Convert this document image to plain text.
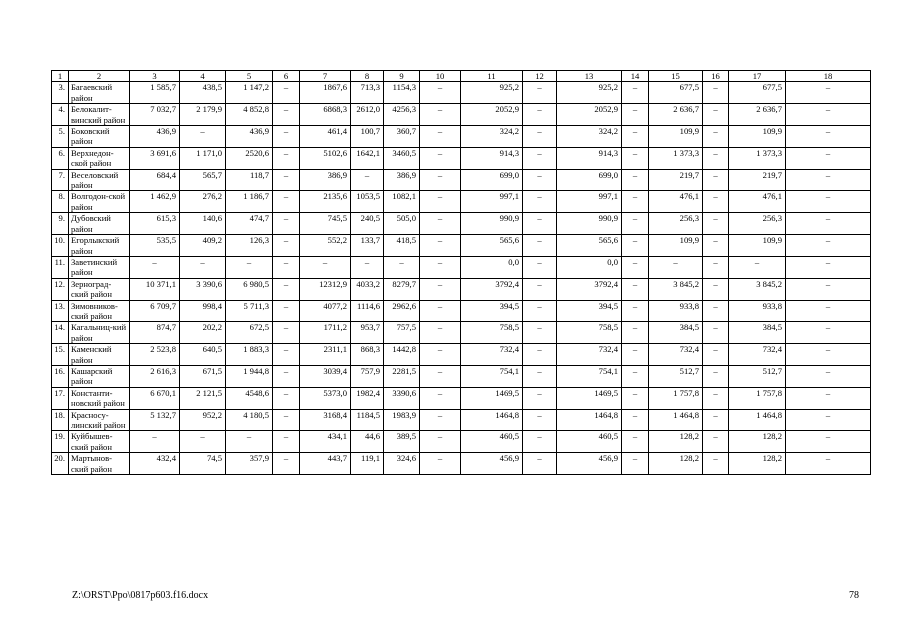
1	2	3	4	5	6	7	8	9	10	11	12	13	14	15	16	17	18
3.	Багаевский район	1 585,7	438,5	1 147,2	–	1867,6	713,3	1154,3	–	925,2	–	925,2	–	677,5	–	677,5	–
4.	Белокалит-винский район	7 032,7	2 179,9	4 852,8	–	6868,3	2612,0	4256,3	–	2052,9	–	2052,9	–	2 636,7	–	2 636,7	–
5.	Боковский район	436,9	–	436,9	–	461,4	100,7	360,7	–	324,2	–	324,2	–	109,9	–	109,9	–
6.	Верхнедон-ской район	3 691,6	1 171,0	2520,6	–	5102,6	1642,1	3460,5	–	914,3	–	914,3	–	1 373,3	–	1 373,3	–
7.	Веселовский район	684,4	565,7	118,7	–	386,9	–	386,9	–	699,0	–	699,0	–	219,7	–	219,7	–
8.	Волгодон-ской район	1 462,9	276,2	1 186,7	–	2135,6	1053,5	1082,1	–	997,1	–	997,1	–	476,1	–	476,1	–
9.	Дубовский район	615,3	140,6	474,7	–	745,5	240,5	505,0	–	990,9	–	990,9	–	256,3	–	256,3	–
10.	Егорлыкский район	535,5	409,2	126,3	–	552,2	133,7	418,5	–	565,6	–	565,6	–	109,9	–	109,9	–
11.	Заветинский район	–	–	–	–	–	–	–	–	0,0	–	0,0	–	–	–	–	–
12.	Зерноград-ский район	10 371,1	3 390,6	6 980,5	–	12312,9	4033,2	8279,7	–	3792,4	–	3792,4	–	3 845,2	–	3 845,2	–
13.	Зимовников-ский район	6 709,7	998,4	5 711,3	–	4077,2	1114,6	2962,6	–	394,5	–	394,5	–	933,8	–	933,8	–
14.	Кагальниц-кий район	874,7	202,2	672,5	–	1711,2	953,7	757,5	–	758,5	–	758,5	–	384,5	–	384,5	–
15.	Каменский район	2 523,8	640,5	1 883,3	–	2311,1	868,3	1442,8	–	732,4	–	732,4	–	732,4	–	732,4	–
16.	Кашарский район	2 616,3	671,5	1 944,8	–	3039,4	757,9	2281,5	–	754,1	–	754,1	–	512,7	–	512,7	–
17.	Константи-новский район	6 670,1	2 121,5	4548,6	–	5373,0	1982,4	3390,6	–	1469,5	–	1469,5	–	1 757,8	–	1 757,8	–
18.	Красносу-линский район	5 132,7	952,2	4 180,5	–	3168,4	1184,5	1983,9	–	1464,8	–	1464,8	–	1 464,8	–	1 464,8	–
19.	Куйбышев-ский район	–	–	–	–	434,1	44,6	389,5	–	460,5	–	460,5	–	128,2	–	128,2	–
20.	Мартынов-ский район	432,4	74,5	357,9	–	443,7	119,1	324,6	–	456,9	–	456,9	–	128,2	–	128,2	–
Z:\ORST\Ppo\0817p603.f16.docx	78
